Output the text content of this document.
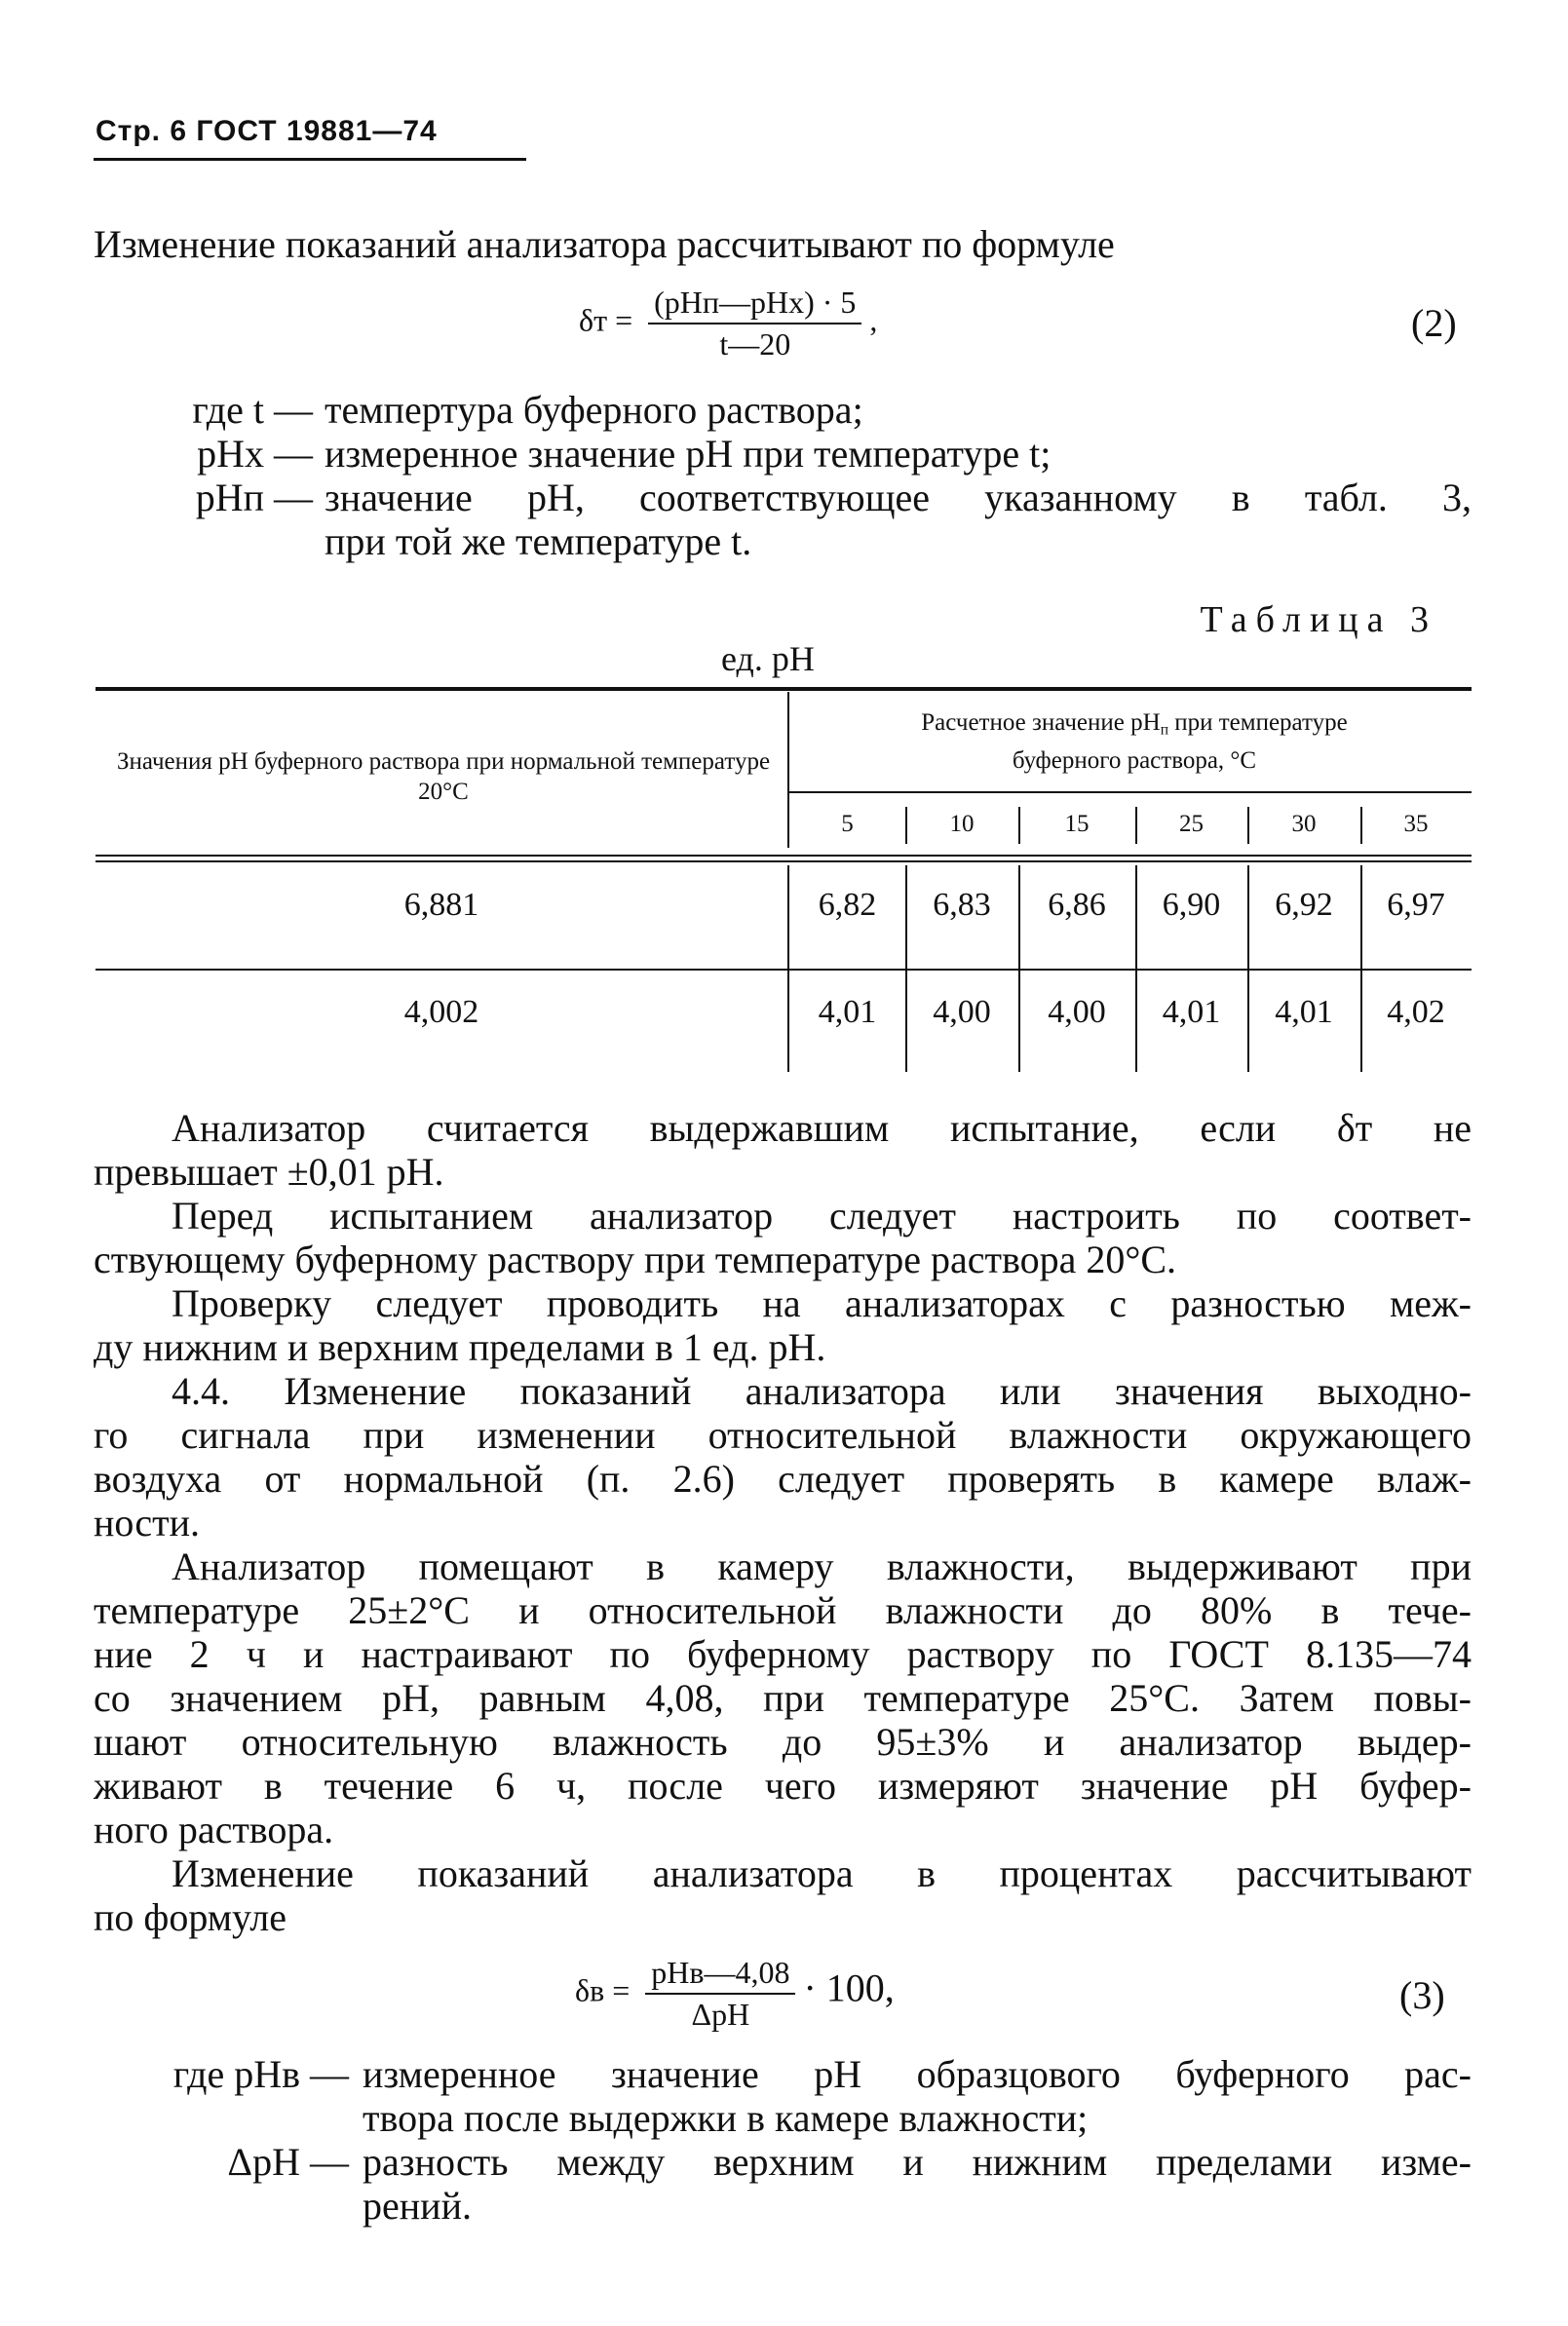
Стр. 6 ГОСТ 19881—74
Изменение показаний анализатора рассчитывают по формуле
$\delta т = \frac{\text{(pHп—pHх) · 5}}{t—20}$ ,	(2)
где t — темпертура буферного раствора;
pHх — измеренное значение pH при температуре t;
pHп — значение pH, соответствующее указанному в табл. 3,
при той же температуре t.
Таблица 3
ед. pH
Значения pH буферного раствора при нормальной температуре 20°C
Расчетное значение $pH_п$ при температуре
буферного раствора, °C
5	10	15	25	30	35
6,881	6,82	6,83	6,86	6,90	6,92	6,97
4,002	4,01	4,00	4,00	4,01	4,01	4,02
Анализатор считается выдержавшим испытание, если δт не
превышает ±0,01 pH.
Перед испытанием анализатор следует настроить по соответ-
ствующему буферному раствору при температуре раствора 20°C.
Проверку следует проводить на анализаторах с разностью меж-
ду нижним и верхним пределами в 1 ед. pH.
4.4. Изменение показаний анализатора или значения выходно-
го сигнала при изменении относительной влажности окружающего
воздуха от нормальной (п. 2.6) следует проверять в камере влаж-
ности.
Анализатор помещают в камеру влажности, выдерживают при
температуре 25±2°C и относительной влажности до 80% в тече-
ние 2 ч и настраивают по буферному раствору по ГОСТ 8.135—74
со значением pH, равным 4,08, при температуре 25°C. Затем повы-
шают относительную влажность до 95±3% и анализатор выдер-
живают в течение 6 ч, после чего измеряют значение pH буфер-
ного раствора.
Изменение показаний анализатора в процентах рассчитывают
по формуле
$\delta в = \frac{\text{pHв—4,08}}{\text{ΔpH}} \cdot 100$,	(3)
где pHв — измеренное значение pH образцового буферного рас-
твора после выдержки в камере влажности;
ΔpH — разность между верхним и нижним пределами изме-
рений.
